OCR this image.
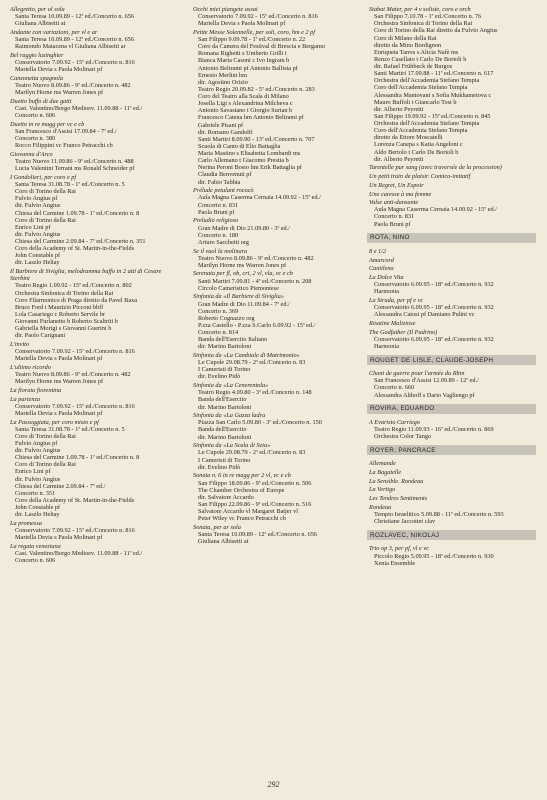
Allegretto, per ol sola
Santa Teresa 10.09.89 - 12ª ed./Concerto n. 656
Giuliana Albisetti at
Andante con variazioni, per vl e ar
Santa Teresa 10.09.89 - 12ª ed./Concerto n. 656
Raimondo Matacena vl Giuliana Albisetti ar
Bel raggio lusinghier
Conservatorio 7.09.92 - 15ª ed./Concerto n. 816
Mariella Devia s Paola Molinari pf
Canzonetta spagnola
Teatro Nuovo 8.09.86 - 9ª ed./Concerto n. 482
Marilyn Horne ms Warren Jones pf
Duetto buffo di due gatti
Cast. Valentino/Borgo Medioev. 11.09.88 - 11ª ed./
Concerto n. 606
Duetto in re magg per vc e cb
San Francesco d'Assisi 17.09.84 - 7ª ed./
Concerto n. 380
Rocco Filippini vc Franco Petracchi cb
Giovanna d'Arco
Teatro Nuovo 11.09.86 - 9ª ed./Concerto n. 488
Lucia Valentini Terrani ms Ronald Schneider pf
I Gondolieri, per coro e pf
Santa Teresa 31.08.78 - 1ª ed./Concerto n. 5
Coro di Torino della Rai
Fulvio Angius pf
dir. Fulvio Angius
Chiesa del Carmine 1.09.78 - 1ª ed./Concerto n. 8
Coro di Torino della Rai
Enrico Lini pf
dir. Fulvio Angius
Chiesa del Carmine 2.09.84 - 7ª ed./Concerto n. 351
Coro della Academy of St. Martin-in-the-Fields
John Constable pf
dir. Laszlo Heltay
Il Barbiere di Siviglia, melodramma buffo in 2 atti di Cesare Sterbini
Teatro Regio 1.09.92 - 15ª ed./Concerto n. 802
Orchestra Sinfonica di Torino della Rai
Coro Filarmonico di Praga diretto da Pavel Baxa
Bruce Ford t Maurizio Picconi bbff
Lola Casariego c Roberto Servile br
Giovanni Furlanetto b Roberto Scaltriti b
Gabriella Morigi s Giovanni Guerini b
dir. Paolo Carignani
L'invito
Conservatorio 7.09.92 - 15ª ed./Concerto n. 816
Mariella Devia s Paola Molinari pf
L'ultimo ricordo
Teatro Nuovo 8.09.86 - 9ª ed./Concerto n. 482
Marilyn Horne ms Warren Jones pf
La fioraia fiorentina
La partenza
Conservatorio 7.09.92 - 15ª ed./Concerto n. 816
Mariella Devia s Paola Molinari pf
La Passeggiata, per coro misto e pf
Santa Teresa 31.08.78 - 1ª ed./Concerto n. 5
Coro di Torino della Rai
Fulvio Angius pf
dir. Fulvio Angius
Chiesa del Carmine 1.09.78 - 1ª ed./Concerto n. 8
Coro di Torino della Rai
Enrico Lini pf
dir. Fulvio Angius
Chiesa del Carmine 2.09.84 - 7ª ed./
Concerto n. 351
Coro della Academy of St. Martin-in-the-Fields
John Constable pf
dir. Laszlo Heltay
La promessa
Conservatorio 7.09.92 - 15ª ed./Concerto n. 816
Mariella Devia s Paola Molinari pf
La regata veneziana
Cast. Valentino/Borgo Medioev. 11.09.88 - 11ª ed./
Concerto n. 606
Occhi miei piangete assai
Conservatorio 7.09.92 - 15ª ed./Concerto n. 816
Mariella Devia s Paola Molinari pf
Petite Messe Solennelle, per soli, coro, hm e 2 pf
San Filippo 9.09.78 - 1ª ed./Concerto n. 22
Coro da Camera del Festival di Brescia e Bergamo
Romana Righetti s Umberto Grilli t
Bianca Maria Casoni c Ivo Ingram b
Antonio Beltrami pf Antonio Ballista pf
Ernesto Merlini hm
dir. Agostino Orizio
Teatro Regio 20.09.82 - 5ª ed./Concerto n. 283
Coro del Teatro alla Scala di Milano
Josella Ligi s Alexandrina Milcheva c
Antonio Savastano t Giorgio Surian b
Francesco Catena hm Antonio Beltrami pf
Gabriele Pisani pf
dir. Romano Gandolfi
Santi Martiri 8.09.90 - 13ª ed./Concerto n. 707
Scuola di Canto di Elio Battaglia
Maria Mastino s Elisabetta Lombardi ms
Carlo Allemano t Giacomo Prestia b
Nerina Peroni Bosio hm Erik Battaglia pf
Claudia Benvenuti pf
dir. Fabio Tabbia
Prélude petulant rococò
Aula Magna Caserma Cernaia 14.09.92 - 15ª ed./
Concerto n. 831
Paola Bruni pf
Preludio religioso
Gran Madre di Dio 21.09.80 - 3ª ed./
Concerto n. 180
Arturo Sacchetti org
Se il vuol la molinara
Teatro Nuovo 8.09.86 - 9ª ed./Concerto n. 482
Marilyn Horne ms Warren Jones pf
Serenata per fl, ob, cri, 2 vl, vla, vc e cb
Santi Martiri 7.09.81 - 4ª ed./Concerto n. 208
Circolo Cameristico Piemontese
Sinfonia da «Il Barbiere di Siviglia»
Gran Madre di Dio 11.09.84 - 7ª ed./
Concerto n. 369
Roberto Cognazzo org
P.zza Castello - P.zza S.Carlo 6.09.92 - 15ª ed./
Concerto n. 814
Banda dell'Esercito Italiano
dir. Marino Bartoloni
Sinfonia da «La Cambiale di Matrimonio»
Le Cupole 29.08.79 - 2ª ed./Concerto n. 83
I Cameristi di Torino
dir. Evelino Pidò
Sinfonia da «La Cenerentola»
Teatro Regio 4.09.80 - 3ª ed./Concerto n. 148
Banda dell'Esercito
dir. Marino Bartoloni
Sinfonia da «La Gazza ladra
Piazza San Carlo 5.09.80 - 3ª ed./Concerto n. 150
Banda dell'Esercito
dir. Marino Bartoloni
Sinfonia da «La Scala di Seta»
Le Cupole 29.08.79 - 2ª ed./Concerto n. 83
I Cameristi di Torino
dir. Evelino Pidò
Sonata n. 6 in re magg per 2 vl, vc e cb
San Filippo 18.09.86 - 9ª ed./Concerto n. 506
The Chamber Orchestra of Europe
dir. Salvatore Accardo
San Filippo 22.09.86 - 9ª ed./Concerto n. 516
Salvatore Accardo vl Margaret Batjer vl
Peter Wiley vc Franco Petracchi cb
Sonata, per ar sola
Santa Teresa 10.09.89 - 12ª ed./Concerto n. 656
Giuliana Albisetti at
Stabat Mater, per 4 v soliste, coro e orch
San Filippo 7.10.78 - 1ª ed./Concerto n. 76
Orchestra Sinfonica di Torino della Rai
Coro di Torino della Rai diretto da Fulvio Angius
Coro di Milano della Rai
diretto da Mino Bordignon
Enriqueta Tarres s Alicia Nafè ms
Renzo Casellato t Carlo De Bortoli b
dir. Rafael Frühbeck de Burgos
Santi Martiri 17.09.88 - 11ª ed./Concerto n. 617
Orchestra dell'Accademia Stefano Tempia
Coro dell'Accademia Stefano Tempia
Alessandra Mantovani s Sofia Mukhametova c
Mauro Buffoli t Giancarlo Tosi b
dir. Alberto Peyretti
San Filippo 19.09.92 - 15ª ed./Concerto n. 845
Orchestra dell'Accademia Stefano Tempia
Coro dell'Accademia Stefano Tempia
diretto da Ettore Moscatelli
Lorenza Canepa s Katia Angeloni c
Aldo Bertolo t Carlo De Bortoli b
dir. Alberto Peyretti
Tarentelle pur sang (avec traversée de la procession)
Un petit train de plaisir. Comico-imitatif
Un Regret, Un Espoir
Une caresse à ma femme
Valse anti-dansante
Aula Magna Caserma Cernaia 14.09.92 - 15ª ed./
Concerto n. 831
Paola Bruni pf
ROTA, NINO
8 e 1/2
Amarcord
Cantilena
La Dolce Vita
Conservatorio 6.09.95 - 18ª ed./Concerto n. 932
Harmonia
La Strada, per pf e vc
Conservatorio 6.09.95 - 18ª ed./Concerto n. 932
Alessandra Catosi pf Damiano Pulini vc
Risatine Maliziose
The Godfather (Il Padrino)
Conservatorio 6.09.95 - 18ª ed./Concerto n. 932
Harmonia
ROUGET DE LISLE, CLAUDE-JOSEPH
Chant de guerre pour l'armée du Rhin
San Francesco d'Assisi 12.09.89 - 12ª ed./
Concerto n. 660
Alessandra Althoff s Dario Vagliengo pf
ROVIRA, EDUARDO
A Evaristo Carriego
Teatro Regio 11.09.93 - 16ª ed./Concerto n. 869
Orchestra Color Tango
ROYER, PANCRACE
Allemande
La Bagatelle
La Sensible. Rondeau
La Vertigo
Les Tendres Sentiments
Rondeau
Tempio Israelitico 5.09.88 - 11ª ed./Concerto n. 593
Christiane Jaccottet clav
ROZLAVEC, NIKOLAJ
Trio op 3, per pf, vl e vc
Piccolo Regio 5.09.95 - 18ª ed./Concerto n. 930
Xenia Ensemble
292
